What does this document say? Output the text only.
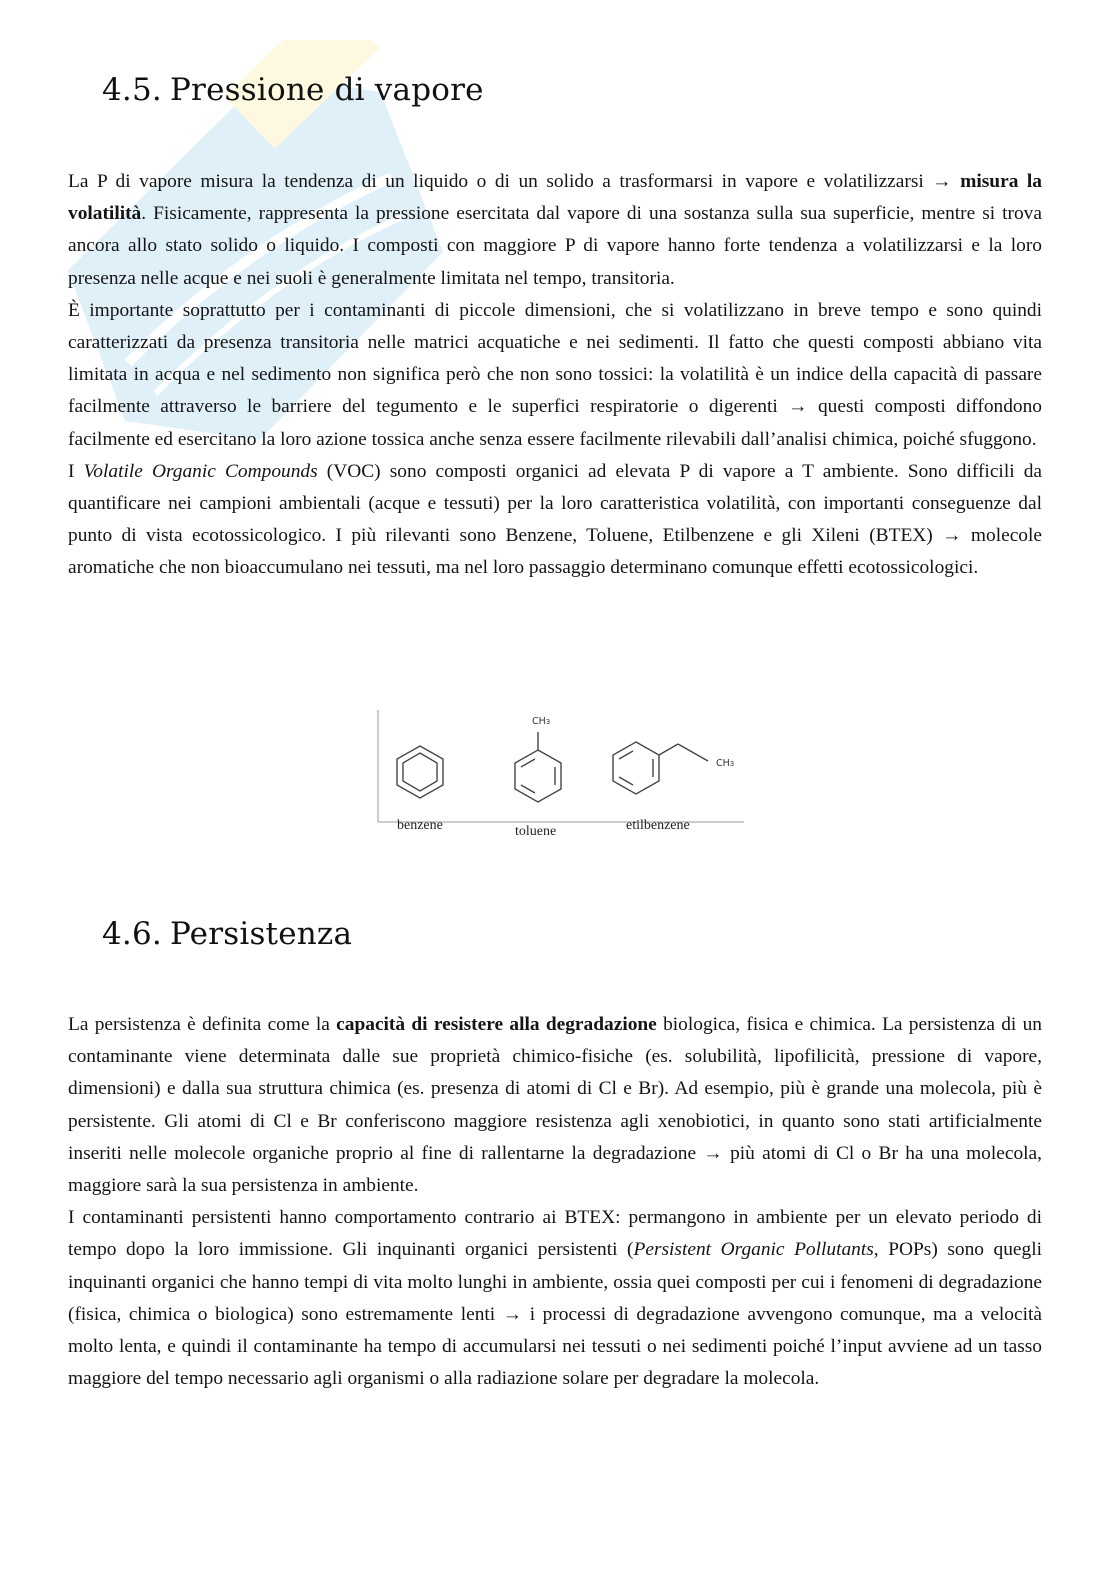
4.5. Pressione di vapore

La P di vapore misura la tendenza di un liquido o di un solido a trasformarsi in vapore e volatilizzarsi → misura la volatilità. Fisicamente, rappresenta la pressione esercitata dal vapore di una sostanza sulla sua superficie, mentre si trova ancora allo stato solido o liquido. I composti con maggiore P di vapore hanno forte tendenza a volatilizzarsi e la loro presenza nelle acque e nei suoli è generalmente limitata nel tempo, transitoria.

È importante soprattutto per i contaminanti di piccole dimensioni, che si volatilizzano in breve tempo e sono quindi caratterizzati da presenza transitoria nelle matrici acquatiche e nei sedimenti. Il fatto che questi composti abbiano vita limitata in acqua e nel sedimento non significa però che non sono tossici: la volatilità è un indice della capacità di passare facilmente attraverso le barriere del tegumento e le superfici respiratorie o digerenti → questi composti diffondono facilmente ed esercitano la loro azione tossica anche senza essere facilmente rilevabili dall’analisi chimica, poiché sfuggono.

I Volatile Organic Compounds (VOC) sono composti organici ad elevata P di vapore a T ambiente. Sono difficili da quantificare nei campioni ambientali (acque e tessuti) per la loro caratteristica volatilità, con importanti conseguenze dal punto di vista ecotossicologico. I più rilevanti sono Benzene, Toluene, Etilbenzene e gli Xileni (BTEX) → molecole aromatiche che non bioaccumulano nei tessuti, ma nel loro passaggio determinano comunque effetti ecotossicologici.

CH3
CH3
benzene	toluene	etilbenzene
4.6. Persistenza

La persistenza è definita come la capacità di resistere alla degradazione biologica, fisica e chimica. La persistenza di un contaminante viene determinata dalle sue proprietà chimico-fisiche (es. solubilità, lipofilicità, pressione di vapore, dimensioni) e dalla sua struttura chimica (es. presenza di atomi di Cl e Br). Ad esempio, più è grande una molecola, più è persistente. Gli atomi di Cl e Br conferiscono maggiore resistenza agli xenobiotici, in quanto sono stati artificialmente inseriti nelle molecole organiche proprio al fine di rallentarne la degradazione → più atomi di Cl o Br ha una molecola, maggiore sarà la sua persistenza in ambiente.

I contaminanti persistenti hanno comportamento contrario ai BTEX: permangono in ambiente per un elevato periodo di tempo dopo la loro immissione. Gli inquinanti organici persistenti (Persistent Organic Pollutants, POPs) sono quegli inquinanti organici che hanno tempi di vita molto lunghi in ambiente, ossia quei composti per cui i fenomeni di degradazione (fisica, chimica o biologica) sono estremamente lenti → i processi di degradazione avvengono comunque, ma a velocità molto lenta, e quindi il contaminante ha tempo di accumularsi nei tessuti o nei sedimenti poiché l’input avviene ad un tasso maggiore del tempo necessario agli organismi o alla radiazione solare per degradare la molecola.
